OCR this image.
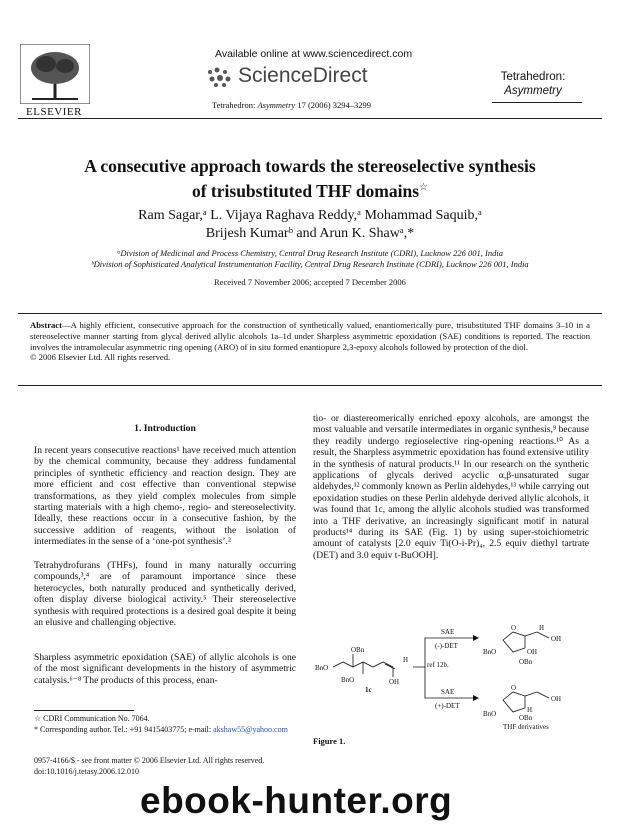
ELSEVIER
Available online at www.sciencedirect.com
ScienceDirect
Tetrahedron: Asymmetry 17 (2006) 3294–3299
Tetrahedron:
Asymmetry
A consecutive approach towards the stereoselective synthesis
of trisubstituted THF domains☆
Ram Sagar,ᵃ L. Vijaya Raghava Reddy,ᵃ Mohammad Saquib,ᵃ
Brijesh Kumarᵇ and Arun K. Shawᵃ,*
ᵃDivision of Medicinal and Process Chemistry, Central Drug Research Institute (CDRI), Lucknow 226 001, India
ᵇDivision of Sophisticated Analytical Instrumentation Facility, Central Drug Research Institute (CDRI), Lucknow 226 001, India
Received 7 November 2006; accepted 7 December 2006
Abstract—A highly efficient, consecutive approach for the construction of synthetically valued, enantiomerically pure, trisubstituted THF domains 3–10 in a stereoselective manner starting from glycal derived allylic alcohols 1a–1d under Sharpless asymmetric epoxidation (SAE) conditions is reported. The reaction involves the intramolecular asymmetric ring opening (ARO) of in situ formed enantiopure 2,3-epoxy alcohols followed by protection of the diol.
© 2006 Elsevier Ltd. All rights reserved.
1. Introduction
In recent years consecutive reactions¹ have received much attention by the chemical community, because they address fundamental principles of synthetic efficiency and reaction design. They are more efficient and cost effective than conventional stepwise transformations, as they yield complex molecules from simple starting materials with a high chemo-, regio- and stereoselectivity. Ideally, these reactions occur in a consecutive fashion, by the successive addition of reagents, without the isolation of intermediates in the sense of a ‘one-pot synthesis’.²
Tetrahydrofurans (THFs), found in many naturally occurring compounds,³,⁴ are of paramount importance since these heterocycles, both naturally produced and synthetically derived, often display diverse biological activity.⁵ Their stereoselective synthesis with required protections is a desired goal despite it being an elusive and challenging objective.
Sharpless asymmetric epoxidation (SAE) of allylic alcohols is one of the most significant developments in the history of asymmetric catalysis.⁶⁻⁸ The products of this process, enan-
tio- or diastereomerically enriched epoxy alcohols, are amongst the most valuable and versatile intermediates in organic synthesis,⁹ because they readily undergo regioselective ring-opening reactions.¹⁰ As a result, the Sharpless asymmetric epoxidation has found extensive utility in the synthesis of natural products.¹¹ In our research on the synthetic applications of glycals derived acyclic α,β-unsaturated sugar aldehydes,¹² commonly known as Perlin aldehydes,¹³ while carrying out epoxidation studies on these Perlin aldehyde derived allylic alcohols, it was found that 1c, among the allylic alcohols studied was transformed into a THF derivative, an increasingly significant motif in natural products¹⁴ during its SAE (Fig. 1) by using super-stoichiometric amount of catalysts [2.0 equiv Ti(O-i-Pr)₄, 2.5 equiv diethyl tartrate (DET) and 3.0 equiv t-BuOOH].
BnO
OBn
BnO	OH
H
1c
SAE
(-)-DET
ref 12b.
SAE
(+)-DET
O	H
OH
OH
BnO
OBn
O
OH
H
BnO	OBn
THF derivatives
Figure 1.
☆ CDRI Communication No. 7064.
* Corresponding author. Tel.: +91 9415403775; e-mail: akshaw55@yahoo.com
0957-4166/$ - see front matter © 2006 Elsevier Ltd. All rights reserved.
doi:10.1016/j.tetasy.2006.12.010
ebook-hunter.org
